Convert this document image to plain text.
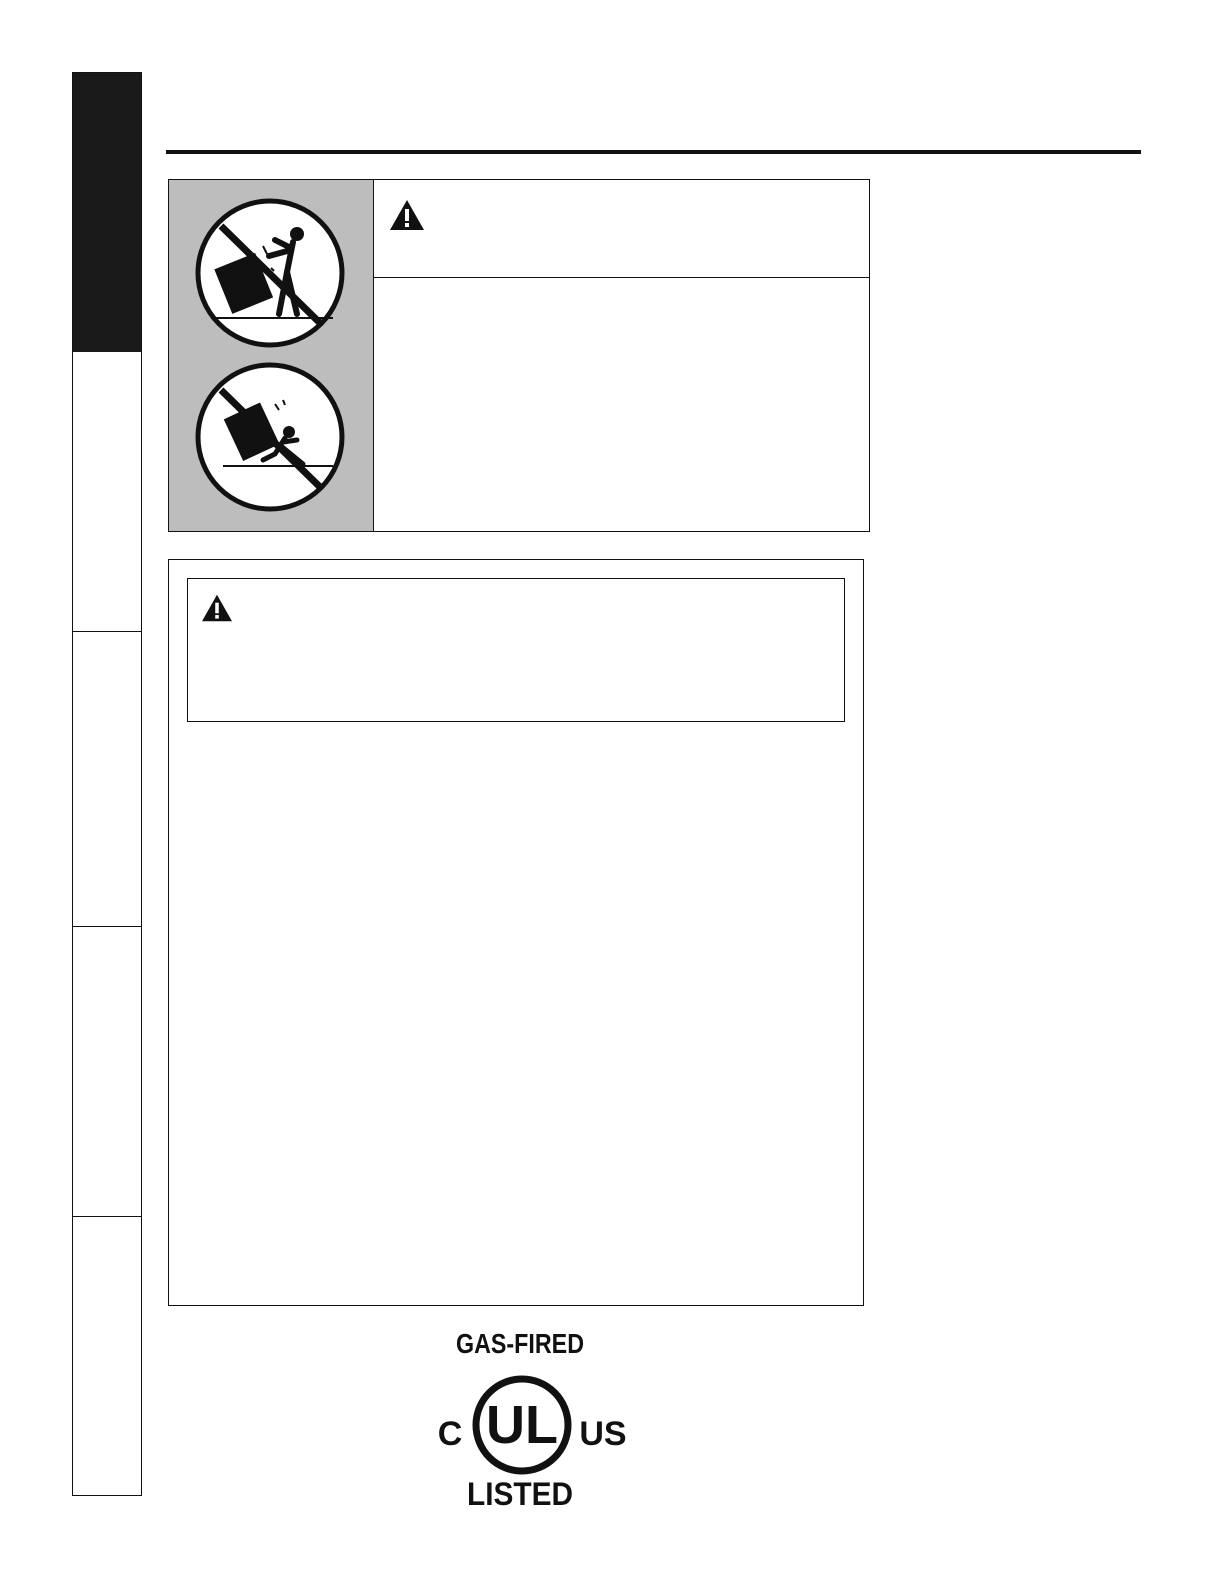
GAS-FIRED
UL
C	US
LISTED
